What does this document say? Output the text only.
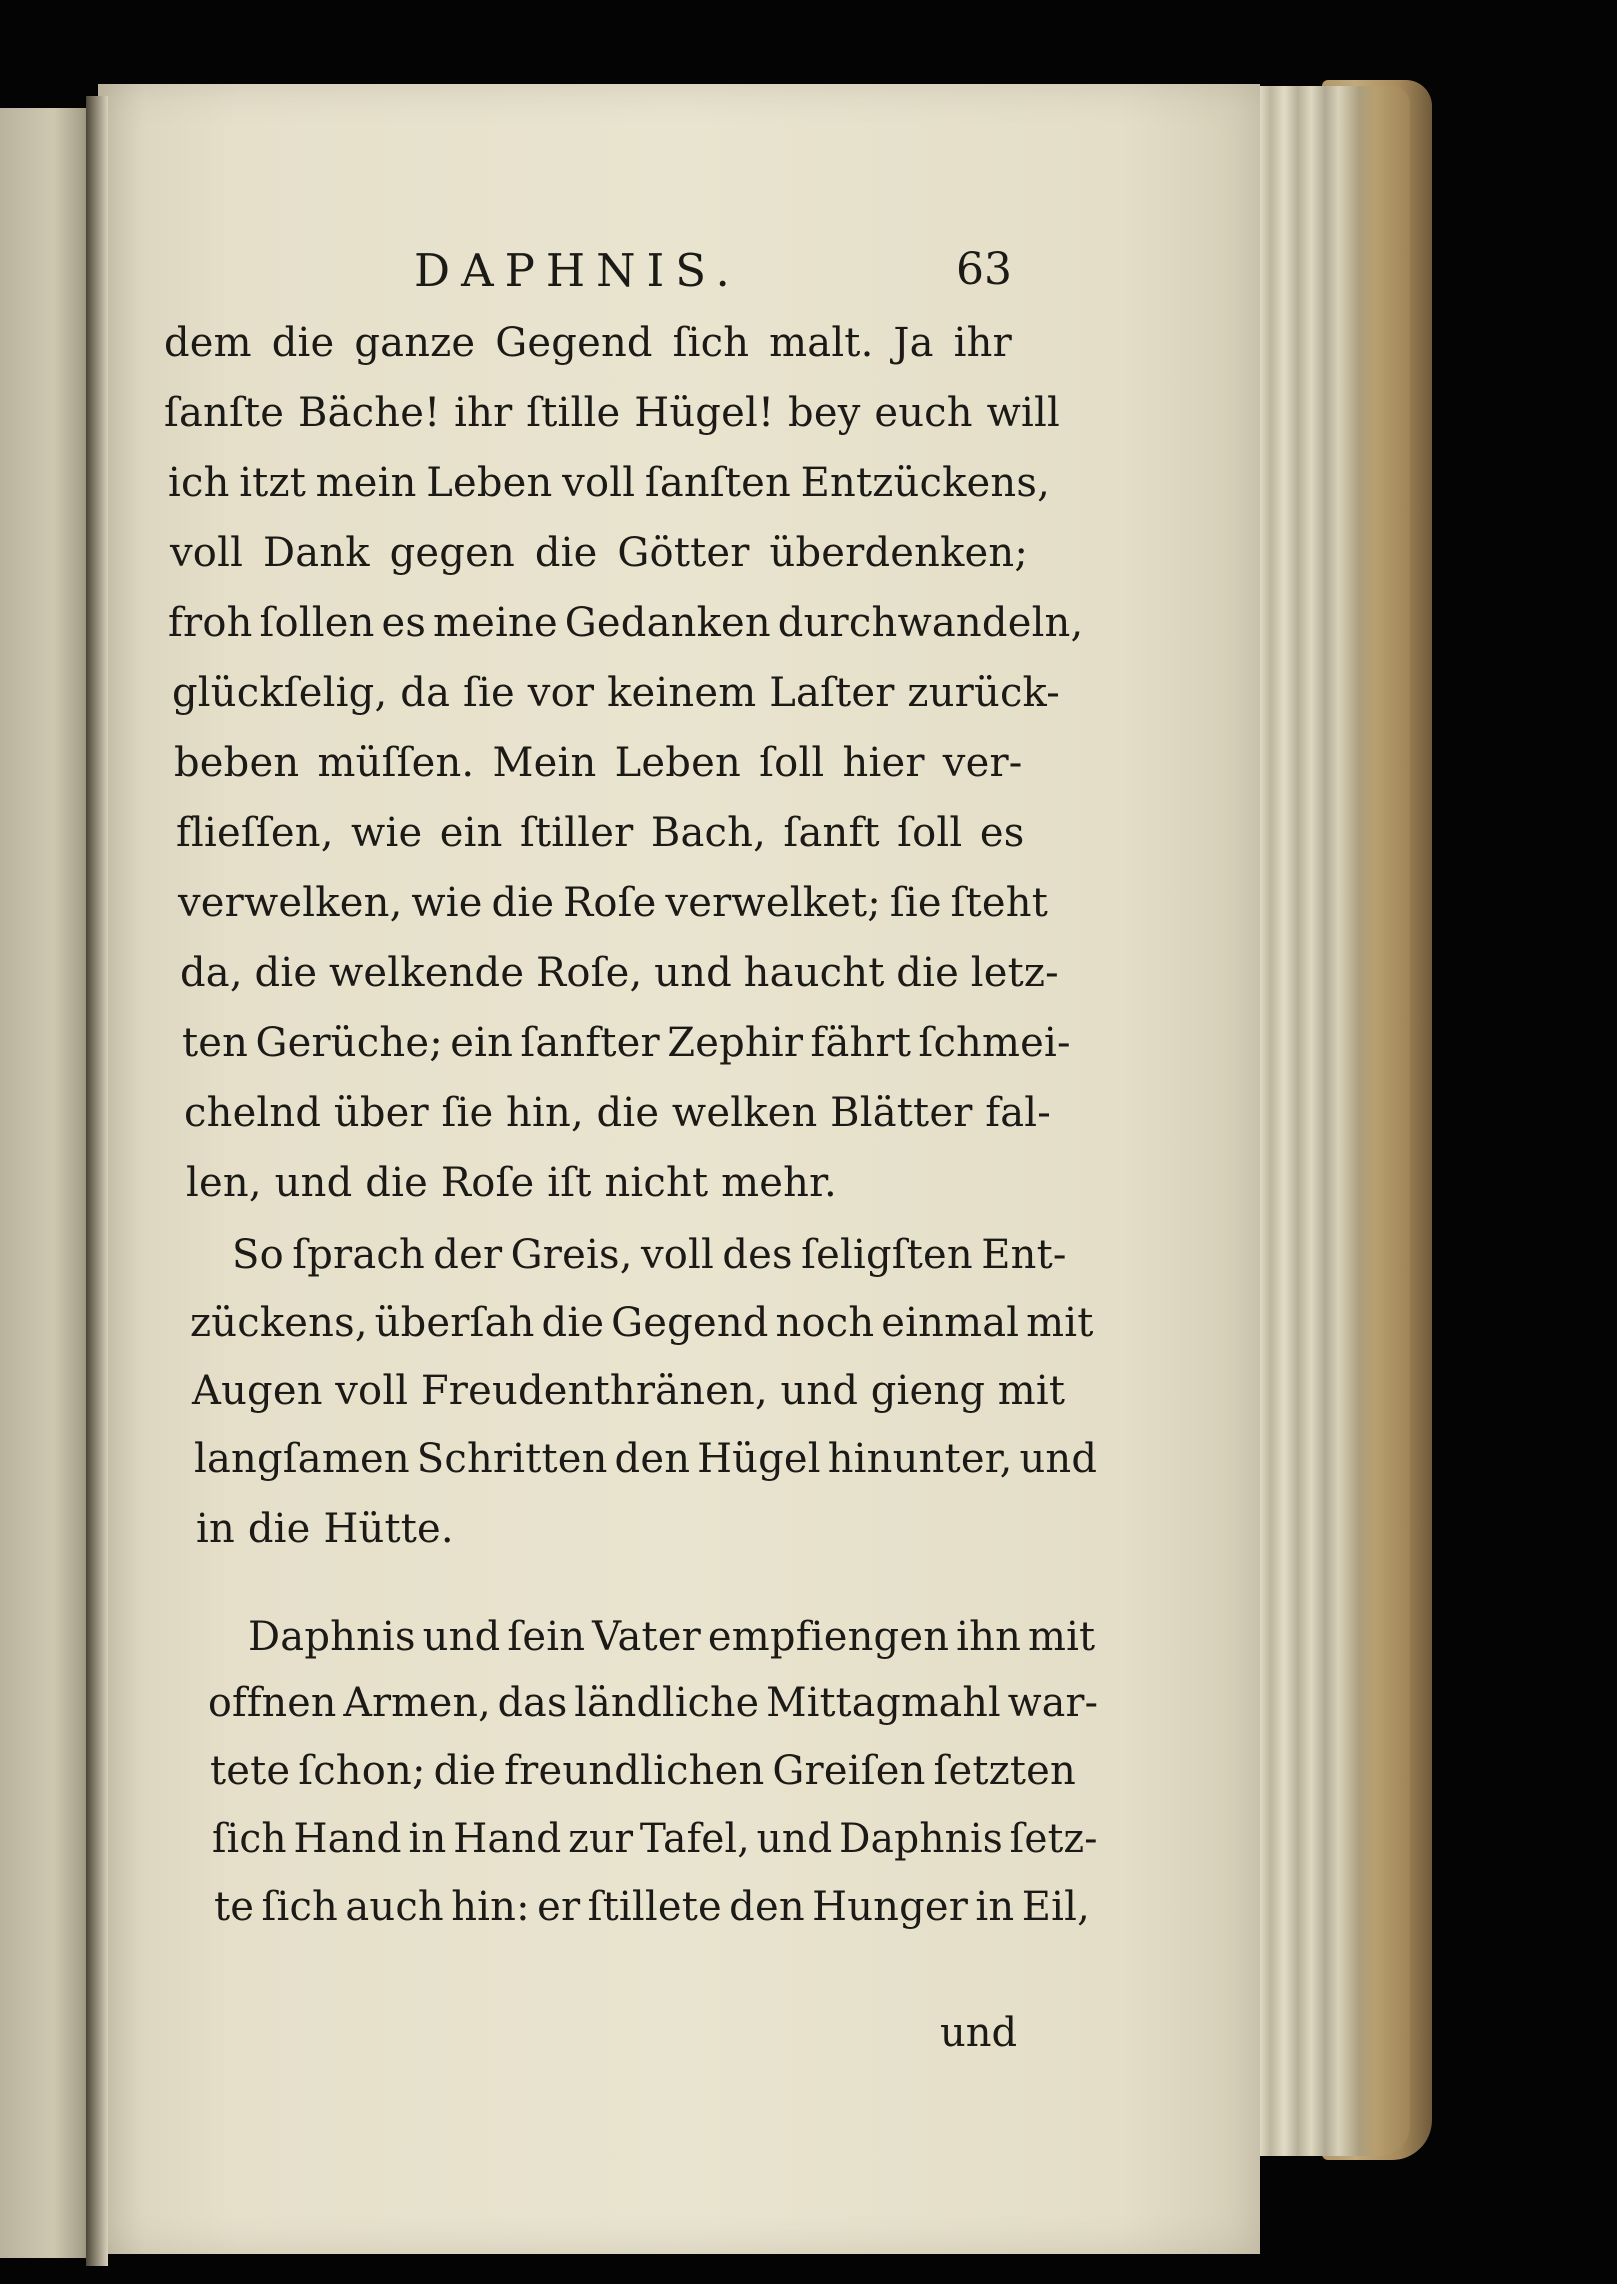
DAPHNIS.	63
dem die ganze Gegend ſich malt. Ja ihr
ſanſte Bäche! ihr ſtille Hügel! bey euch will
ich itzt mein Leben voll ſanſten Entzückens,
voll Dank gegen die Götter überdenken;
froh ſollen es meine Gedanken durchwandeln,
glückſelig, da ſie vor keinem Laſter zurück-
beben müſſen. Mein Leben ſoll hier ver-
flieſſen, wie ein ſtiller Bach, ſanft ſoll es
verwelken, wie die Roſe verwelket; ſie ſteht
da, die welkende Roſe, und haucht die letz-
ten Gerüche; ein ſanfter Zephir fährt ſchmei-
chelnd über ſie hin, die welken Blätter fal-
len, und die Roſe iſt nicht mehr.
So ſprach der Greis, voll des ſeligſten Ent-
zückens, überſah die Gegend noch einmal mit
Augen voll Freudenthränen, und gieng mit
langſamen Schritten den Hügel hinunter, und
in die Hütte.
Daphnis und ſein Vater empfiengen ihn mit
offnen Armen, das ländliche Mittagmahl war-
tete ſchon; die freundlichen Greiſen ſetzten
ſich Hand in Hand zur Tafel, und Daphnis ſetz-
te ſich auch hin: er ſtillete den Hunger in Eil,
und
